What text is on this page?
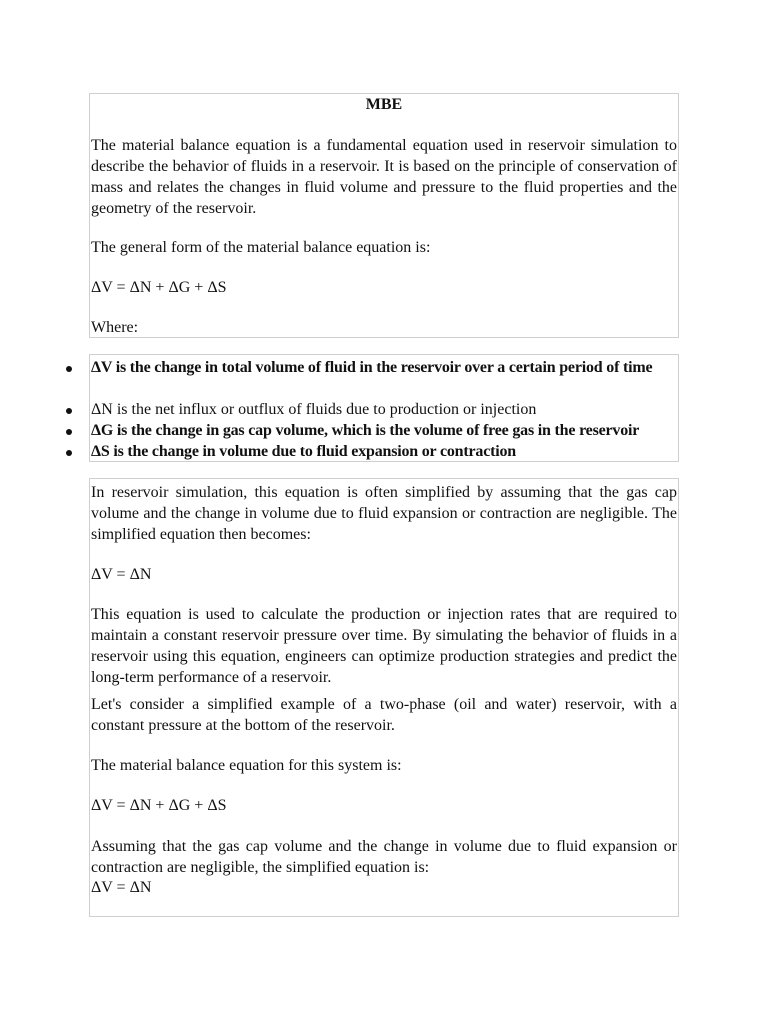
MBE

The material balance equation is a fundamental equation used in reservoir simulation to describe the behavior of fluids in a reservoir. It is based on the principle of conservation of mass and relates the changes in fluid volume and pressure to the fluid properties and the geometry of the reservoir.

The general form of the material balance equation is:

ΔV = ΔN + ΔG + ΔS

Where:

ΔV is the change in total volume of fluid in the reservoir over a certain period of time

ΔN is the net influx or outflux of fluids due to production or injection

ΔG is the change in gas cap volume, which is the volume of free gas in the reservoir

ΔS is the change in volume due to fluid expansion or contraction

In reservoir simulation, this equation is often simplified by assuming that the gas cap volume and the change in volume due to fluid expansion or contraction are negligible. The simplified equation then becomes:

ΔV = ΔN

This equation is used to calculate the production or injection rates that are required to maintain a constant reservoir pressure over time. By simulating the behavior of fluids in a reservoir using this equation, engineers can optimize production strategies and predict the long-term performance of a reservoir.

Let's consider a simplified example of a two-phase (oil and water) reservoir, with a constant pressure at the bottom of the reservoir.

The material balance equation for this system is:

ΔV = ΔN + ΔG + ΔS

Assuming that the gas cap volume and the change in volume due to fluid expansion or contraction are negligible, the simplified equation is:

ΔV = ΔN
